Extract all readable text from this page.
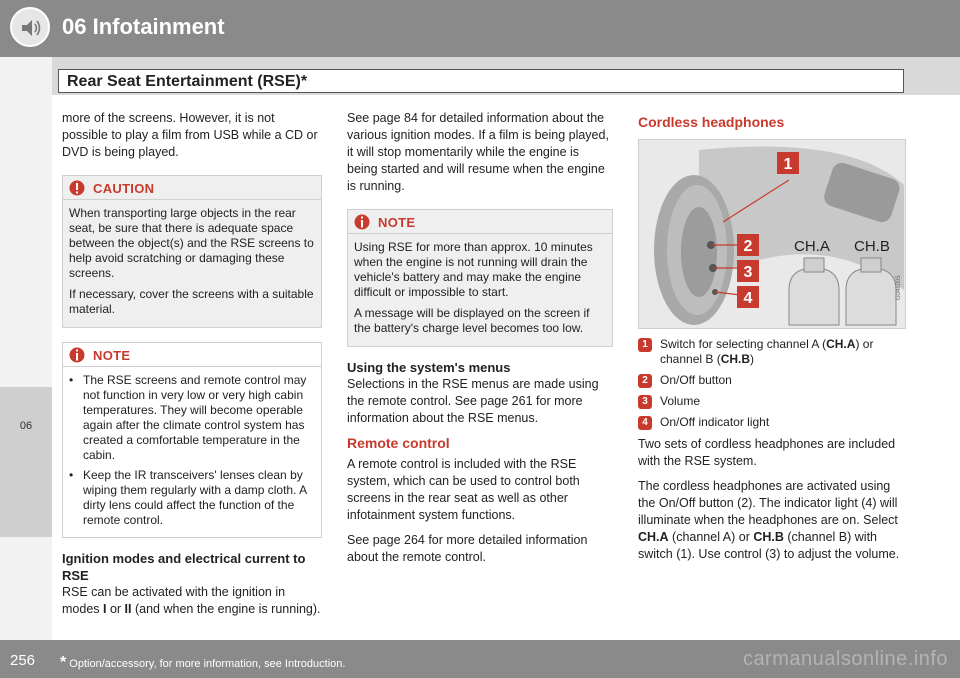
06 Infotainment
Rear Seat Entertainment (RSE)*
06

more of the screens. However, it is not possible to play a film from USB while a CD or DVD is being played.

CAUTION

When transporting large objects in the rear seat, be sure that there is adequate space between the object(s) and the RSE screens to help avoid scratching or damaging these screens.

If necessary, cover the screens with a suitable material.

NOTE
• The RSE screens and remote control may not function in very low or very high cabin temperatures. They will become operable again after the climate control system has created a comfortable temperature in the cabin.
• Keep the IR transceivers' lenses clean by wiping them regularly with a damp cloth. A dirty lens could affect the function of the remote control.
Ignition modes and electrical current to RSE

RSE can be activated with the ignition in modes I or II (and when the engine is running).

See page 84 for detailed information about the various ignition modes. If a film is being played, it will stop momentarily while the engine is being started and will resume when the engine is running.

NOTE

Using RSE for more than approx. 10 minutes when the engine is not running will drain the vehicle's battery and may make the engine difficult or impossible to start.

A message will be displayed on the screen if the battery's charge level becomes too low.

Using the system's menus

Selections in the RSE menus are made using the remote control. See page 261 for more information about the RSE menus.

Remote control

A remote control is included with the RSE system, which can be used to control both screens in the rear seat as well as other infotainment system functions.

See page 264 for more detailed information about the remote control.

Cordless headphones
1
2
3
4
CH.A CH.B
G048005
1	Switch for selecting channel A (CH.A) or channel B (CH.B)
2	On/Off button
3	Volume
4	On/Off indicator light

Two sets of cordless headphones are included with the RSE system.

The cordless headphones are activated using the On/Off button (2). The indicator light (4) will illuminate when the headphones are on. Select CH.A (channel A) or CH.B (channel B) with switch (1). Use control (3) to adjust the volume.

256 * Option/accessory, for more information, see Introduction.	carmanualsonline.info
